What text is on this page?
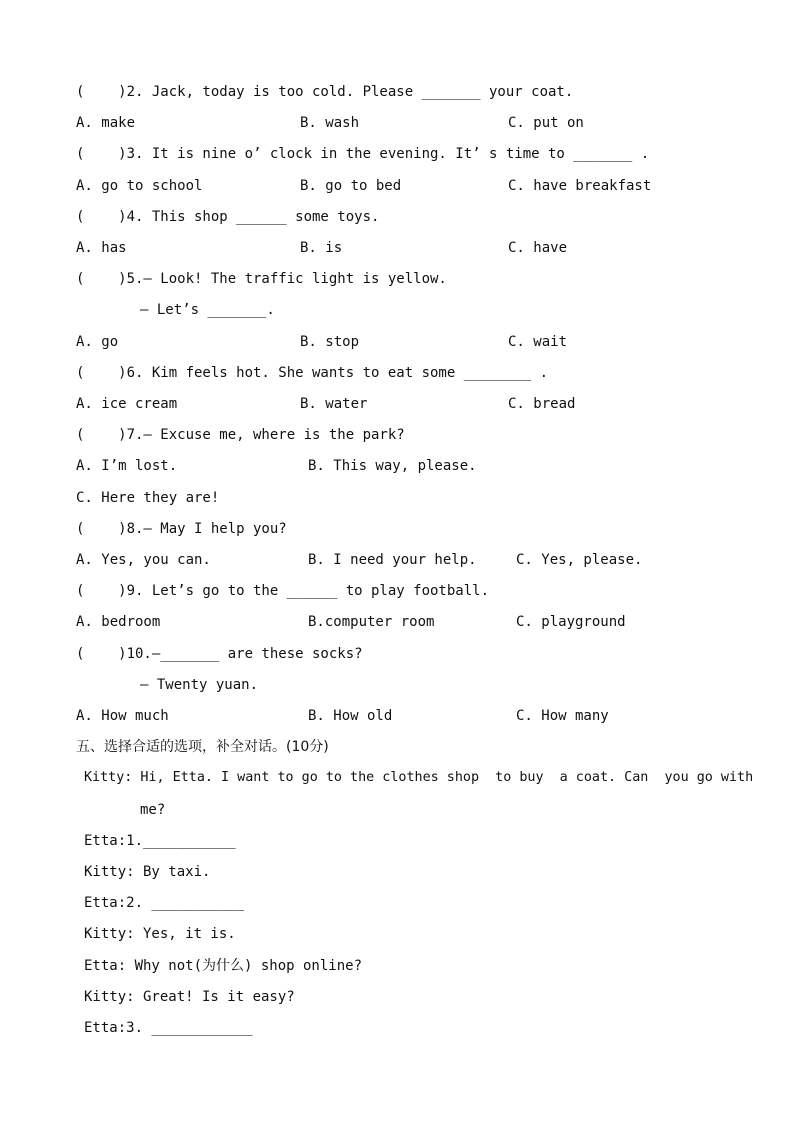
(    )2. Jack, today is too cold. Please _______ your coat.
A. make	B. wash	C. put on
(    )3. It is nine o’ clock in the evening. It’ s time to _______ .
A. go to school	B. go to bed	C. have breakfast
(    )4. This shop ______ some toys.
A. has	B. is	C. have
(    )5.— Look! The traffic light is yellow.
— Let’s _______.
A. go	B. stop	C. wait
(    )6. Kim feels hot. She wants to eat some ________ .
A. ice cream	B. water	C. bread
(    )7.— Excuse me, where is the park?
A. I’m lost.	B. This way, please.
C. Here they are!
(    )8.— May I help you?
A. Yes, you can.	B. I need your help.	C. Yes, please.
(    )9. Let’s go to the ______ to play football.
A. bedroom	B.computer room	C. playground
(    )10.—_______ are these socks?
— Twenty yuan.
A. How much	B. How old	C. How many
五、选择合适的选项，补全对话。(10分)
Kitty: Hi, Etta. I want to go to the clothes shop  to buy  a coat. Can  you go with
me?
Etta:1.___________
Kitty: By taxi.
Etta:2. ___________
Kitty: Yes, it is.
Etta: Why not(为什么) shop online?
Kitty: Great! Is it easy?
Etta:3. ____________
